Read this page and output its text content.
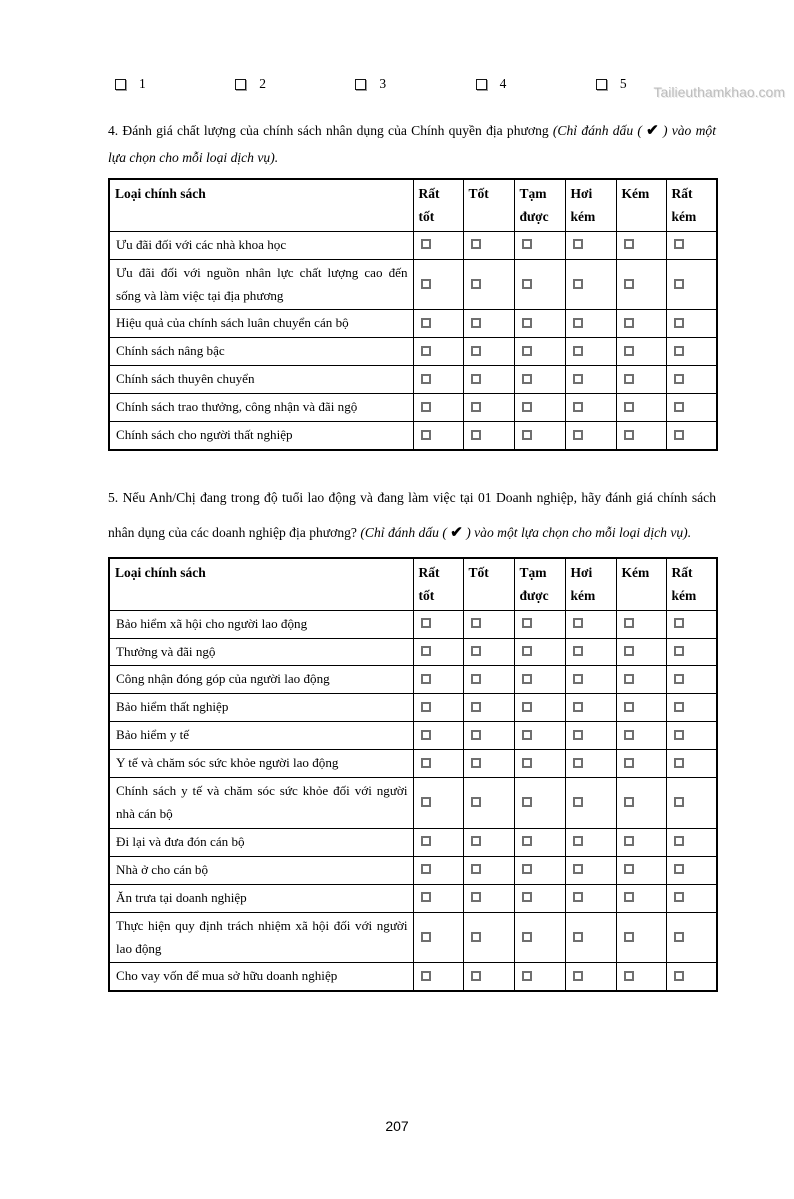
Tailieuthamkhao.com
1	2	3	4	5

4. Đánh giá chất lượng của chính sách nhân dụng của Chính quyền địa phương (Chỉ đánh dấu ( ✔ ) vào một lựa chọn cho mỗi loại dịch vụ).

Loại chính sách	Rất tốt	Tốt	Tạm được	Hơi kém	Kém	Rất kém
Ưu đãi đối với các nhà khoa học						
Ưu đãi đối với nguồn nhân lực chất lượng cao đến sống và làm việc tại địa phương						
Hiệu quả của chính sách luân chuyển cán bộ						
Chính sách nâng bậc						
Chính sách thuyên chuyển						
Chính sách trao thưởng, công nhận và đãi ngộ						
Chính sách cho người thất nghiệp						

5. Nếu Anh/Chị đang trong độ tuổi lao động và đang làm việc tại 01 Doanh nghiệp, hãy đánh giá chính sách nhân dụng của các doanh nghiệp địa phương? (Chỉ đánh dấu ( ✔ ) vào một lựa chọn cho mỗi loại dịch vụ).

Loại chính sách	Rất tốt	Tốt	Tạm được	Hơi kém	Kém	Rất kém
Bảo hiểm xã hội cho người lao động						
Thưởng và đãi ngộ						
Công nhận đóng góp của người lao động						
Bảo hiểm thất nghiệp						
Bảo hiểm y tế						
Y tế và chăm sóc sức khỏe người lao động						
Chính sách y tế và chăm sóc sức khỏe đối với người nhà cán bộ						
Đi lại và đưa đón cán bộ						
Nhà ở cho cán bộ						
Ăn trưa tại doanh nghiệp						
Thực hiện quy định trách nhiệm xã hội đối với người lao động						
Cho vay vốn để mua sở hữu doanh nghiệp						
207
